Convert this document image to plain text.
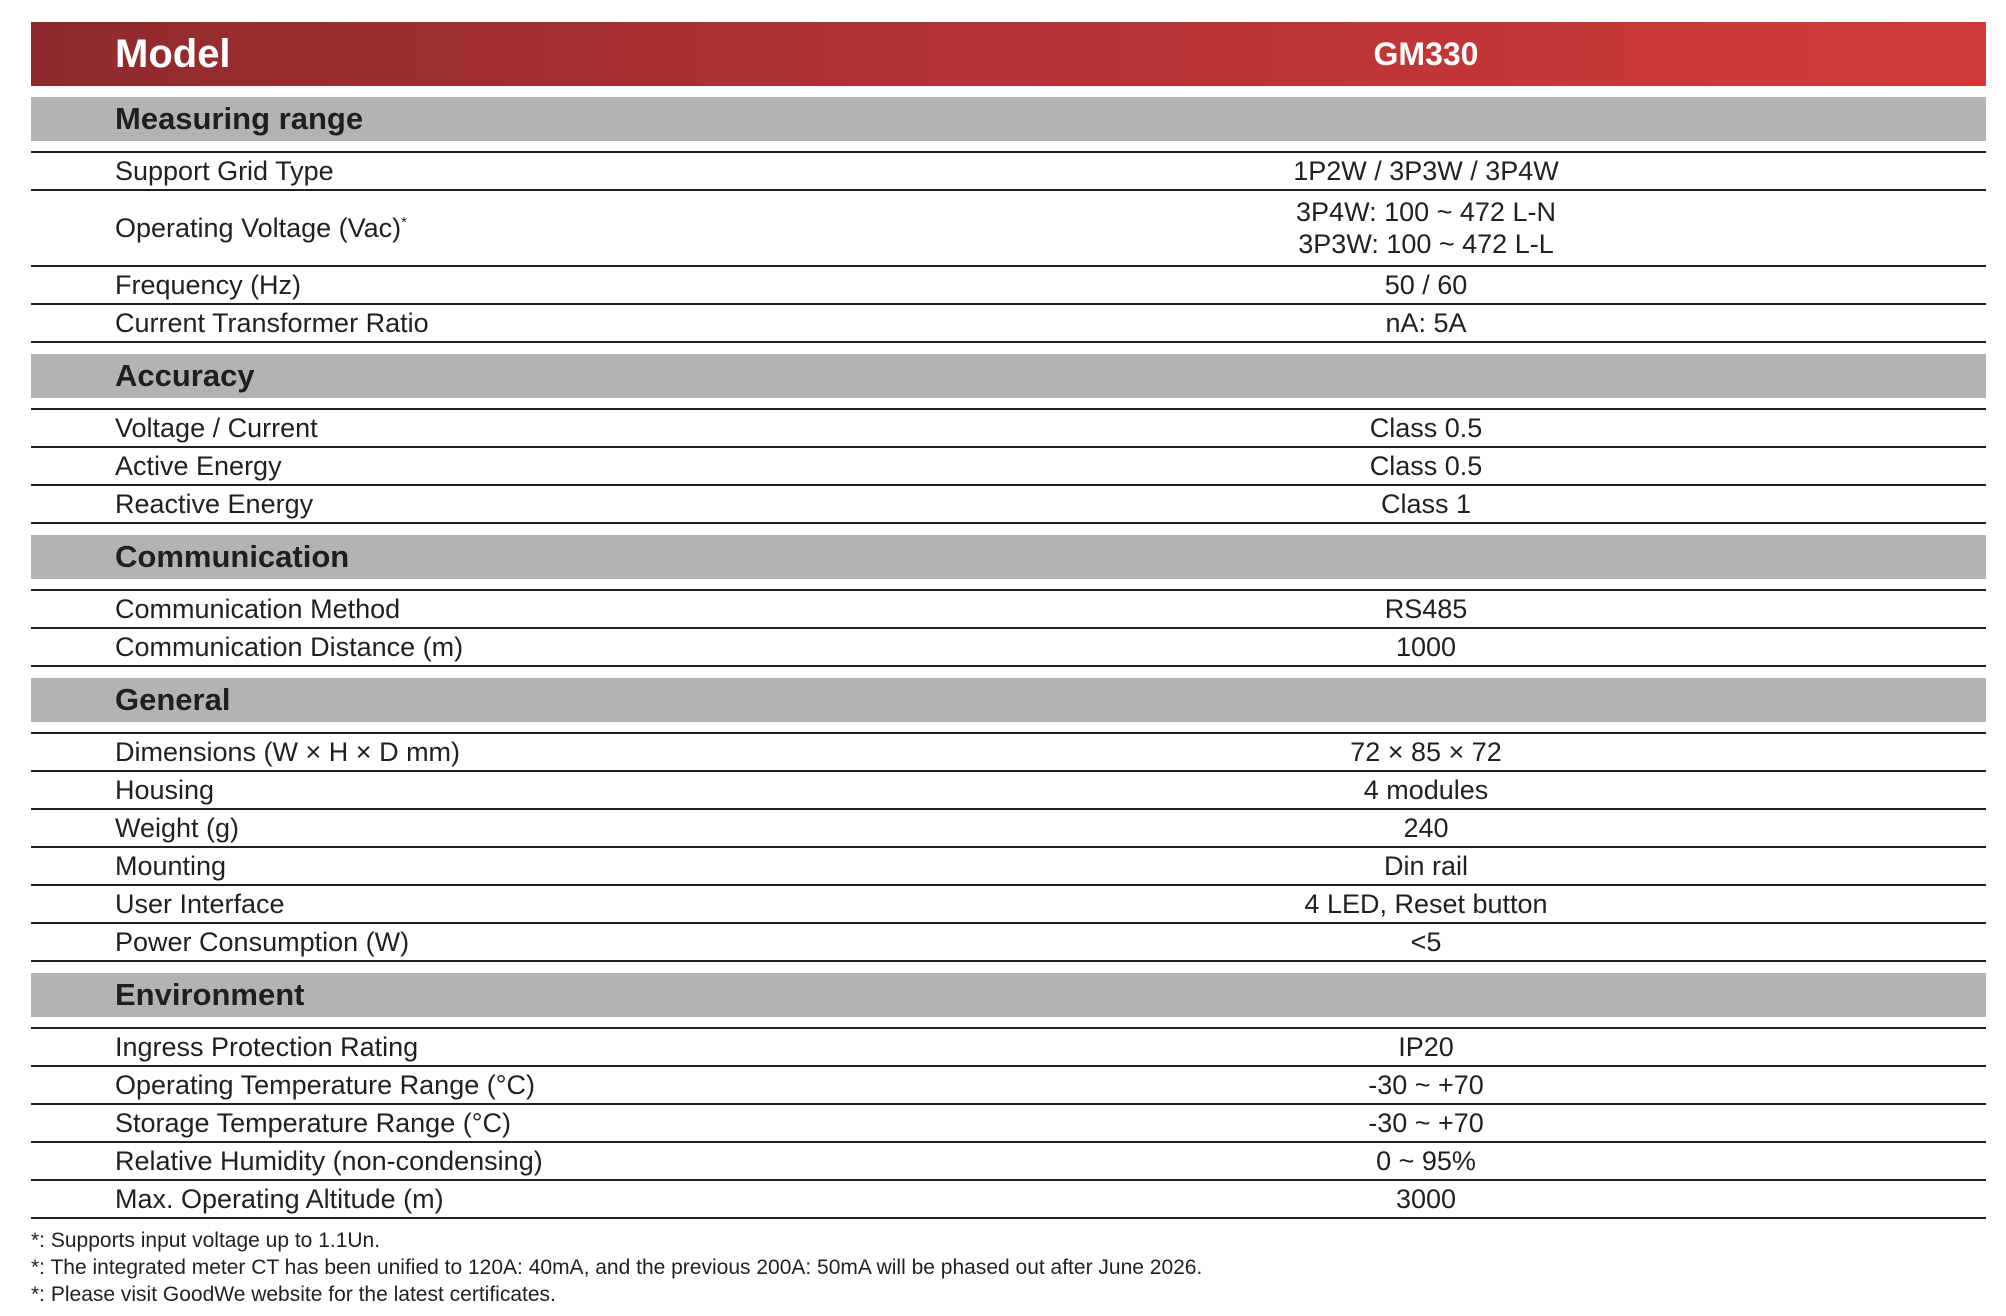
Model	GM330
Measuring range
Support Grid Type	1P2W / 3P3W / 3P4W
Operating Voltage (Vac)*	3P4W: 100 ~ 472 L-N
3P3W: 100 ~ 472 L-L
Frequency (Hz)	50 / 60
Current Transformer Ratio	nA: 5A
Accuracy
Voltage / Current	Class 0.5
Active Energy	Class 0.5
Reactive Energy	Class 1
Communication
Communication Method	RS485
Communication Distance (m)	1000
General
Dimensions (W × H × D mm)	72 × 85 × 72
Housing	4 modules
Weight (g)	240
Mounting	Din rail
User Interface	4 LED, Reset button
Power Consumption (W)	<5
Environment
Ingress Protection Rating	IP20
Operating Temperature Range (°C)	-30 ~ +70
Storage Temperature Range (°C)	-30 ~ +70
Relative Humidity (non-condensing)	0 ~ 95%
Max. Operating Altitude (m)	3000
*: Supports input voltage up to 1.1Un.
*: The integrated meter CT has been unified to 120A: 40mA, and the previous 200A: 50mA will be phased out after June 2026.
*: Please visit GoodWe website for the latest certificates.
